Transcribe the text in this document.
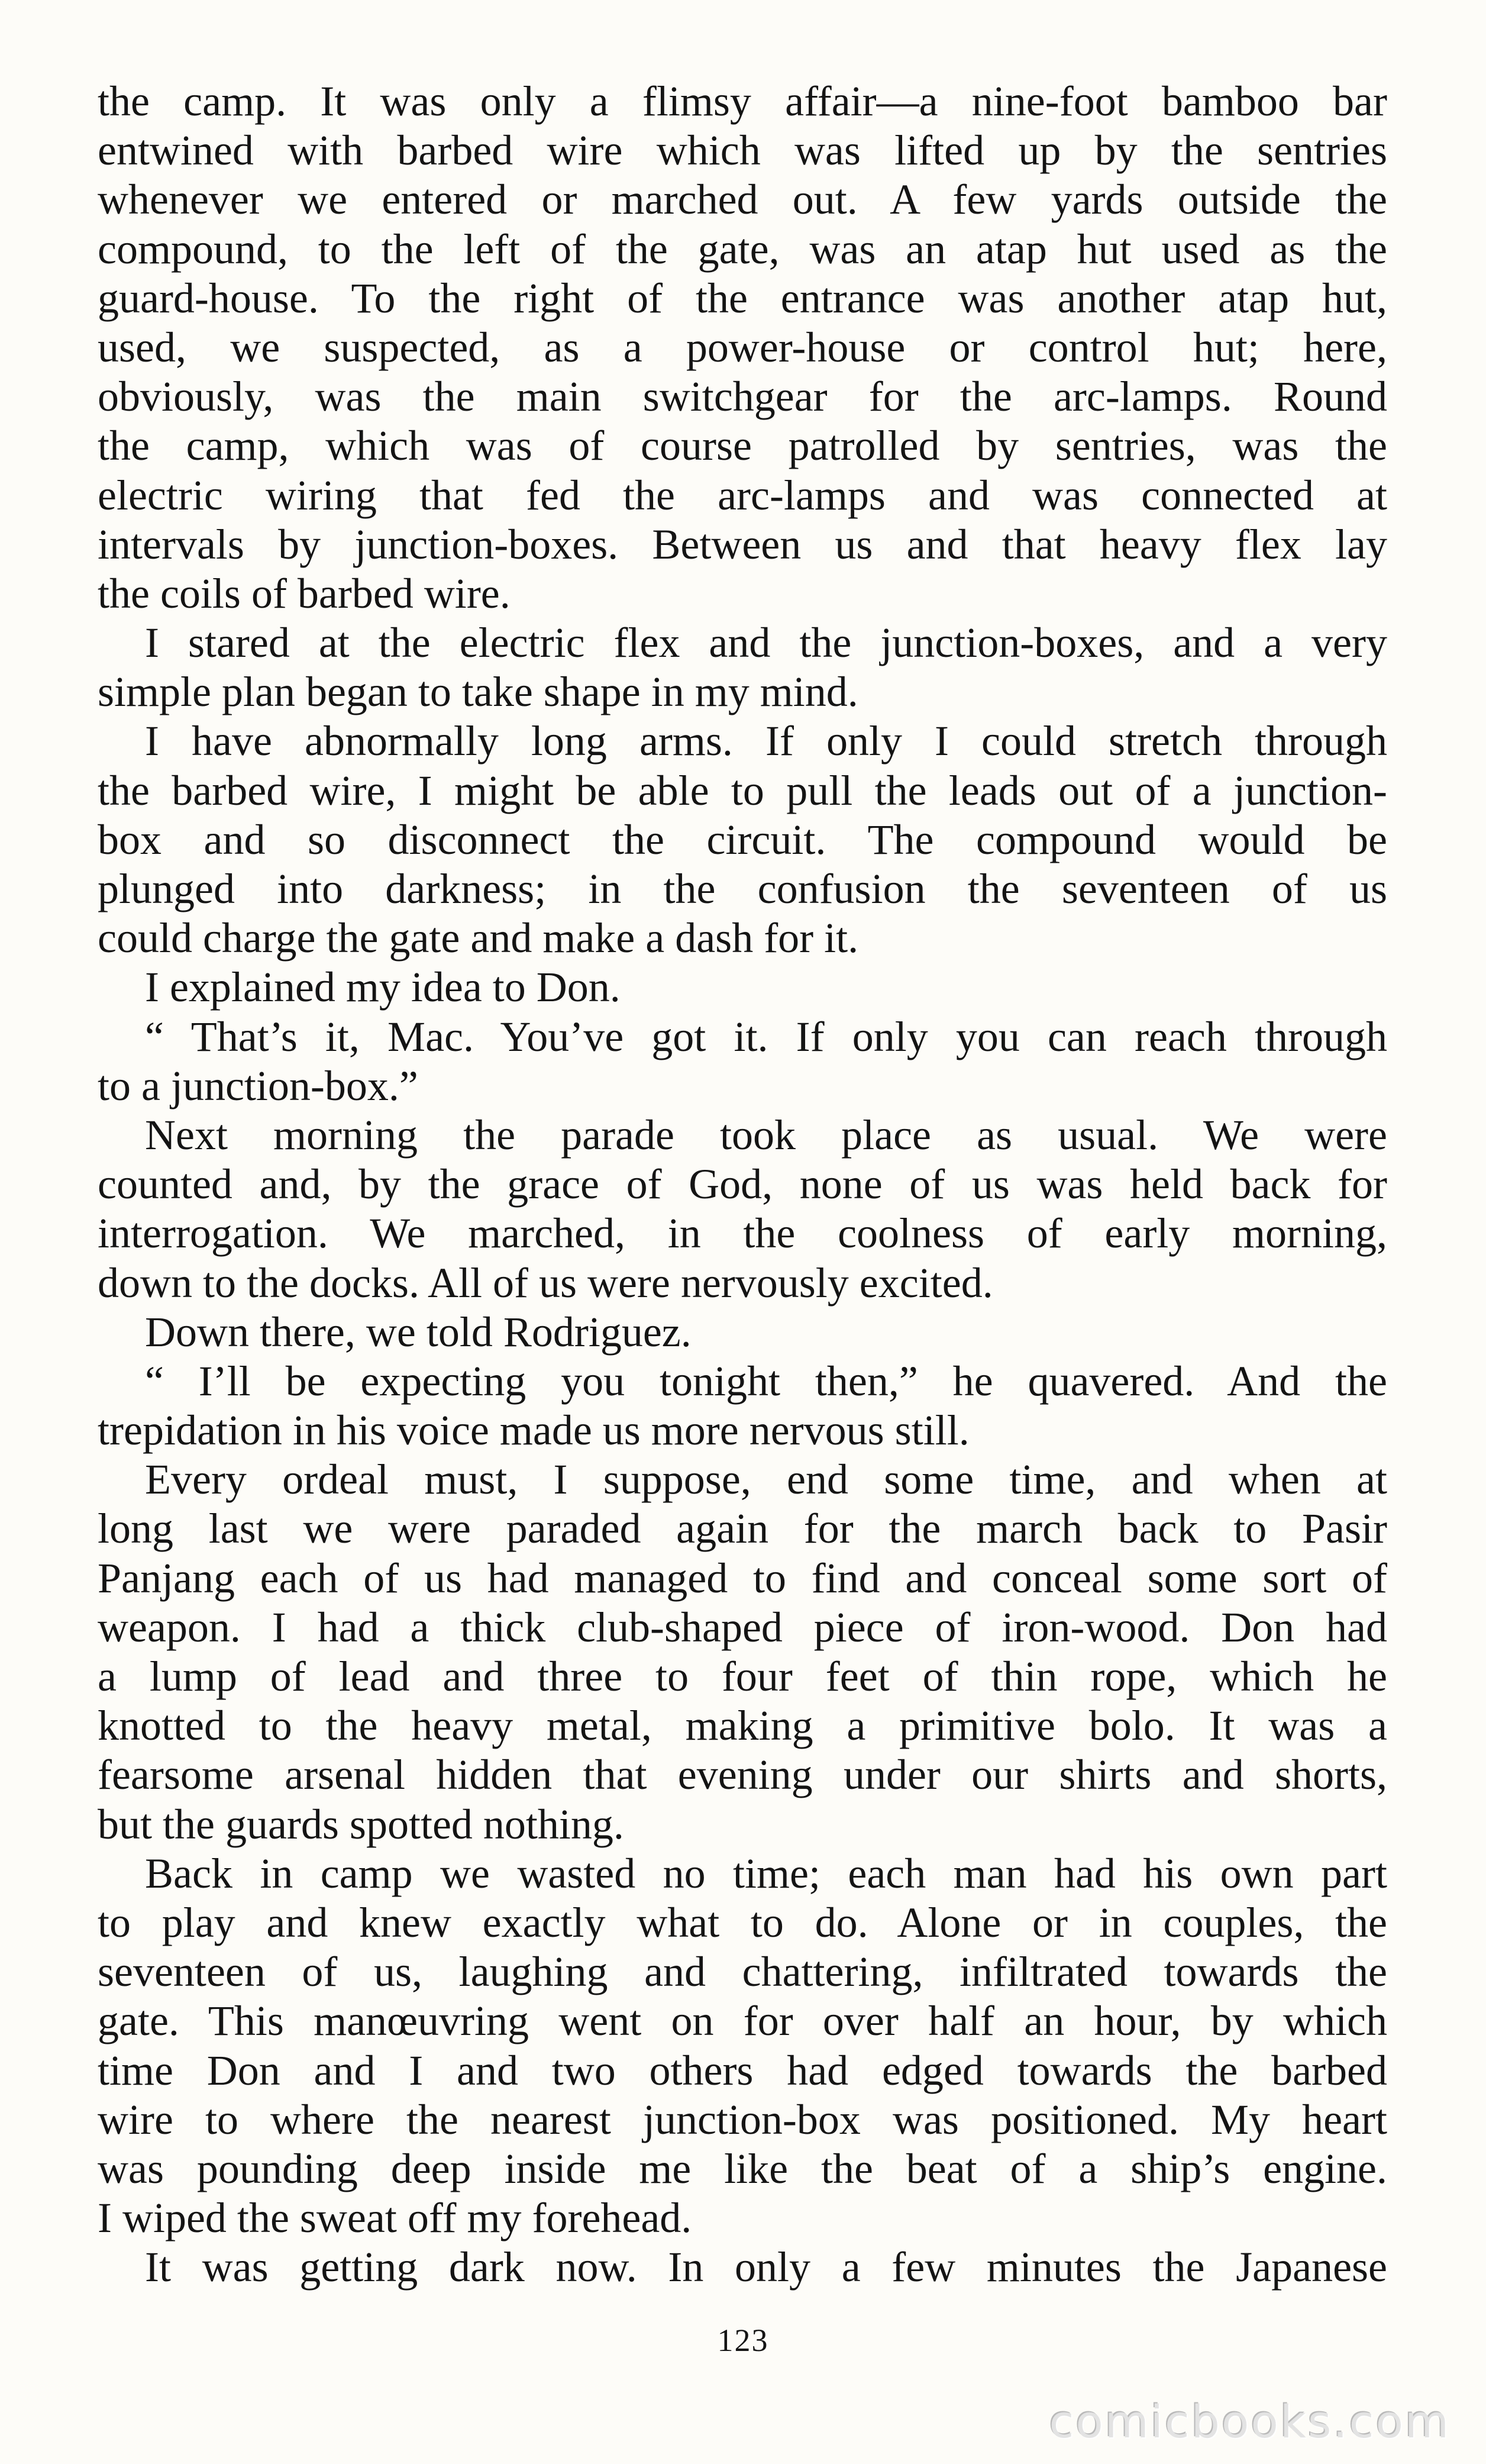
the camp. It was only a flimsy affair—a nine-foot bamboo bar
entwined with barbed wire which was lifted up by the sentries
whenever we entered or marched out. A few yards outside the
compound, to the left of the gate, was an atap hut used as the
guard-house. To the right of the entrance was another atap hut,
used, we suspected, as a power-house or control hut; here,
obviously, was the main switchgear for the arc-lamps. Round
the camp, which was of course patrolled by sentries, was the
electric wiring that fed the arc-lamps and was connected at
intervals by junction-boxes. Between us and that heavy flex lay
the coils of barbed wire.
I stared at the electric flex and the junction-boxes, and a very
simple plan began to take shape in my mind.
I have abnormally long arms. If only I could stretch through
the barbed wire, I might be able to pull the leads out of a junction-
box and so disconnect the circuit. The compound would be
plunged into darkness; in the confusion the seventeen of us
could charge the gate and make a dash for it.
I explained my idea to Don.
“ That’s it, Mac. You’ve got it. If only you can reach through
to a junction-box.”
Next morning the parade took place as usual. We were
counted and, by the grace of God, none of us was held back for
interrogation. We marched, in the coolness of early morning,
down to the docks. All of us were nervously excited.
Down there, we told Rodriguez.
“ I’ll be expecting you tonight then,” he quavered. And the
trepidation in his voice made us more nervous still.
Every ordeal must, I suppose, end some time, and when at
long last we were paraded again for the march back to Pasir
Panjang each of us had managed to find and conceal some sort of
weapon. I had a thick club-shaped piece of iron-wood. Don had
a lump of lead and three to four feet of thin rope, which he
knotted to the heavy metal, making a primitive bolo. It was a
fearsome arsenal hidden that evening under our shirts and shorts,
but the guards spotted nothing.
Back in camp we wasted no time; each man had his own part
to play and knew exactly what to do. Alone or in couples, the
seventeen of us, laughing and chattering, infiltrated towards the
gate. This manœuvring went on for over half an hour, by which
time Don and I and two others had edged towards the barbed
wire to where the nearest junction-box was positioned. My heart
was pounding deep inside me like the beat of a ship’s engine.
I wiped the sweat off my forehead.
It was getting dark now. In only a few minutes the Japanese
123
comicbooks.com
